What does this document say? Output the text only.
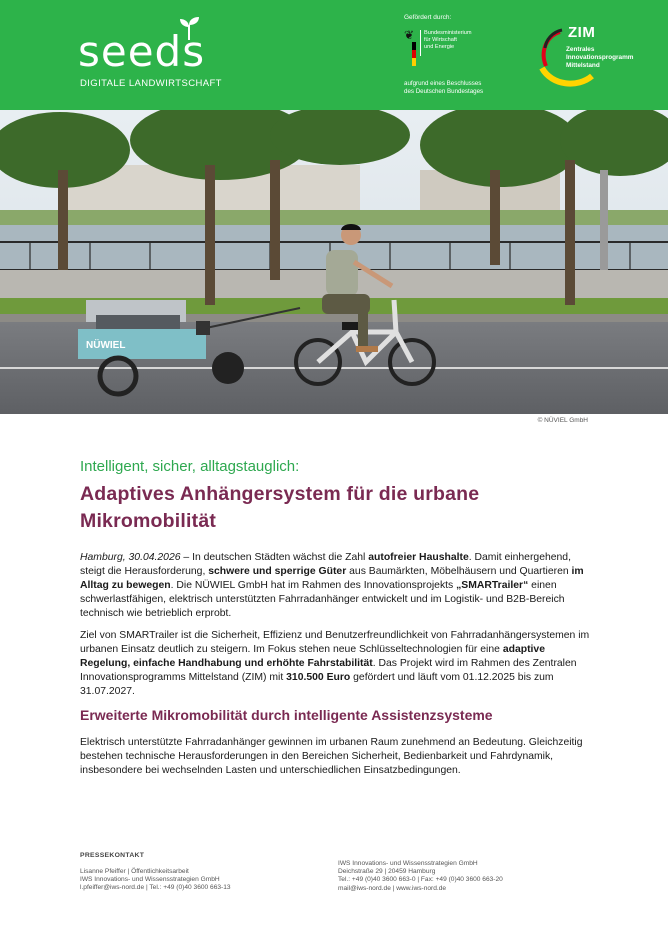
seeds
DIGITALE LANDWIRTSCHAFT
Gefördert durch:
❦	Bundesministerium
für Wirtschaft
und Energie
aufgrund eines Beschlusses
des Deutschen Bundestages
ZIM
Zentrales
Innovationsprogramm
Mittelstand
NÜWIEL
© NÜVIEL GmbH
Intelligent, sicher, alltagstauglich:
Adaptives Anhängersystem für die urbane Mikromobilität
Hamburg, 30.04.2026 – In deutschen Städten wächst die Zahl autofreier Haushalte. Damit einhergehend, steigt die Herausforderung, schwere und sperrige Güter aus Baumärkten, Möbelhäusern und Quartieren im Alltag zu bewegen. Die NÜWIEL GmbH hat im Rahmen des Innovationsprojekts „SMARTrailer“ einen schwerlastfähigen, elektrisch unterstützten Fahrradanhänger entwickelt und im Logistik- und B2B-Bereich technisch wie betrieblich erprobt.
Ziel von SMARTrailer ist die Sicherheit, Effizienz und Benutzerfreundlichkeit von Fahrradanhängersystemen im urbanen Einsatz deutlich zu steigern. Im Fokus stehen neue Schlüsseltechnologien für eine adaptive Regelung, einfache Handhabung und erhöhte Fahrstabilität. Das Projekt wird im Rahmen des Zentralen Innovationsprogramms Mittelstand (ZIM) mit 310.500 Euro gefördert und läuft vom 01.12.2025 bis zum 31.07.2027.
Erweiterte Mikromobilität durch intelligente Assistenzsysteme
Elektrisch unterstützte Fahrradanhänger gewinnen im urbanen Raum zunehmend an Bedeutung. Gleichzeitig bestehen technische Herausforderungen in den Bereichen Sicherheit, Bedienbarkeit und Fahrdynamik, insbesondere bei wechselnden Lasten und unterschiedlichen Einsatzbedingungen.
PRESSEKONTAKT
Lisanne Pfeiffer | Öffentlichkeitsarbeit
IWS Innovations- und Wissensstrategien GmbH
l.pfeiffer@iws-nord.de | Tel.: +49 (0)40 3600 663-13
IWS Innovations- und Wissensstrategien GmbH
Deichstraße 29 | 20459 Hamburg
Tel.: +49 (0)40 3600 663-0 | Fax: +49 (0)40 3600 663-20
mail@iws-nord.de | www.iws-nord.de
